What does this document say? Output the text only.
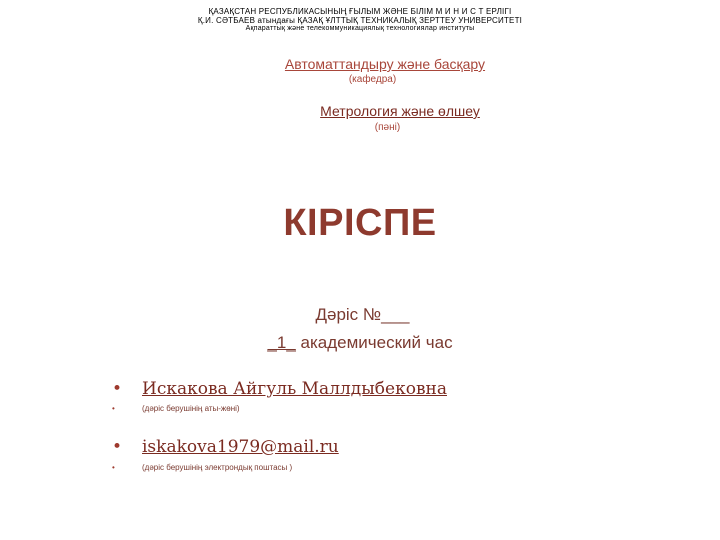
ҚАЗАҚСТАН РЕСПУБЛИКАСЫНЫҢ ҒЫЛЫМ ЖӘНЕ БІЛІМ М И Н И С Т ЕРЛІГІ
Қ.И. СӘТБАЕВ атындағы ҚАЗАҚ ҰЛТТЫҚ ТЕХНИКАЛЫҚ ЗЕРТТЕУ УНИВЕРСИТЕТІ
Ақпараттық және телекоммуникациялық технологиялар институты
Автоматтандыру және басқару
(кафедра)
Метрология және өлшеу
(пәні)
КІРІСПЕ
Дәріс №___
_1_ академический час
• Искакова Айгуль Маллдыбековна
•	(дәріс берушінің аты-жөні)
• iskakova1979@mail.ru
•	(дәріс берушінің электрондық поштасы )
